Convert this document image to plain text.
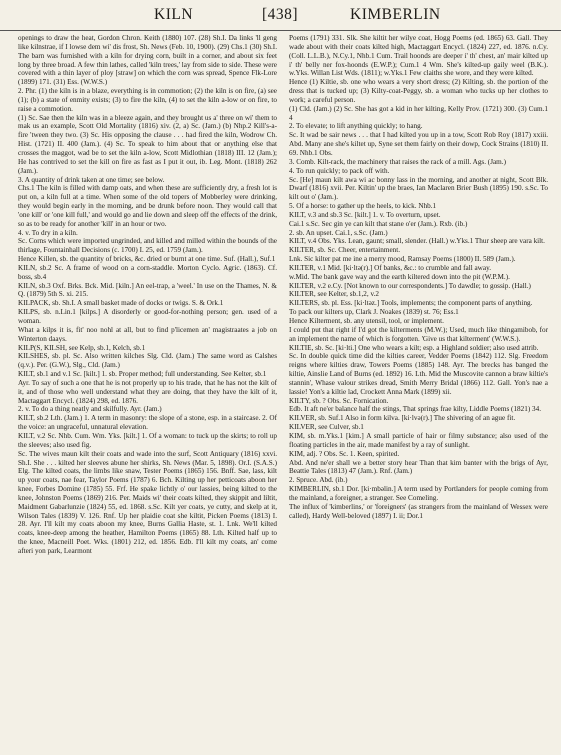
KILN	[438]	KIMBERLIN

openings to draw the heat, Gordon Chron. Keith (1880) 107. (28) Sh.I. Da links 'll geng like kilnstrae, if I lowse dem wi' dis frost, Sh. News (Feb. 10, 1900). (29) Chs.1 (30) Sh.I. The barn was furnished with a kiln for drying corn, built in a corner, and about six feet long by three broad. A few thin lathes, called 'kiln trees,' lay from side to side. These were covered with a thin layer of ploy [straw] on which the corn was spread, Spence Flk-Lore (1899) 171. (31) Ess. (W.W.S.)

2. Phr. (1) the kiln is in a blaze, everything is in commotion; (2) the kiln is on fire, (a) see (1); (b) a state of enmity exists; (3) to fire the kiln, (4) to set the kiln a-low or on fire, to raise a commotion.

(1) Sc. Sae then the kiln was in a bleeze again, and they brought us a' three on wi' them to mak us an example, Scott Old Mortality (1816) xiv. (2, a) Sc. (Jam.) (b) Nhp.2 Kill's-a-fire 'tween they two. (3) Sc. His opposing the clause . . . had fired the kiln, Wodrow Ch. Hist. (1721) II. 400 (Jam.). (4) Sc. To speak to him about that or anything else that crosses the maggot, wad be to set the kiln a-low, Scott Midlothian (1818) III. 12 (Jam.); He has contrived to set the kill on fire as fast as I put it out, ib. Leg. Mont. (1818) 262 (Jam.).

3. A quantity of drink taken at one time; see below.

Chs.1 The kiln is filled with damp oats, and when these are sufficiently dry, a fresh lot is put on, a kiln full at a time. When some of the old topers of Mobberley were drinking, they would begin early in the morning, and be drunk before noon. They would call that 'one kill' or 'one kill full,' and would go and lie down and sleep off the effects of the drink, so as to be ready for another 'kill' in an hour or two.

4. v. To dry in a kiln.

Sc. Corns which were imported ungrinded, and killed and milled within the bounds of the thirlage, Fountainhall Decisions (c. 1700) I. 25, ed. 1759 (Jam.).

Hence Killen, sb. the quantity of bricks, &c. dried or burnt at one time. Suf. (Hall.), Suf.1

KILN, sb.2 Sc. A frame of wood on a corn-staddle. Morton Cyclo. Agric. (1863). Cf. boss, sb.4

KILN, sb.3 Oxf. Brks. Bck. Mid. [kiln.] An eel-trap, a 'weel.' In use on the Thames, N. & Q. (1879) 5th S. xi. 215.

KILPACK, sb. Sh.I. A small basket made of docks or twigs. S. & Ork.1

KILPS, sb. n.Lin.1 [kilps.] A disorderly or good-for-nothing person; gen. used of a woman.

What a kilps it is, fit' noo nohl at all, but to find p'licemen an' magistraates a job on Winterton daays.

KILP(S, KILSH, see Kelp, sb.1, Kelch, sb.1

KILSHES, sb. pl. Sc. Also written kilches Slg. Cld. (Jam.) The same word as Calshes (q.v.). Per. (G.W.), Slg., Cld. (Jam.)

KILT, sb.1 and v.1 Sc. [kilt.] 1. sb. Proper method; full understanding. See Kelter, sb.1

Ayr. To say of such a one that he is not properly up to his trade, that he has not the kilt of it, and of those who well understand what they are doing, that they have the kilt of it, Mactaggart Encycl. (1824) 298, ed. 1876.

2. v. To do a thing neatly and skilfully. Ayr. (Jam.)

KILT, sb.2 Lth. (Jam.) 1. A term in masonry: the slope of a stone, esp. in a staircase. 2. Of the voice: an ungraceful, unnatural elevation.

KILT, v.2 Sc. Nhb. Cum. Wm. Yks. [kilt.] 1. Of a woman: to tuck up the skirts; to roll up the sleeves; also used fig.

Sc. The wives maun kilt their coats and wade into the surf, Scott Antiquary (1816) xxvi. Sh.I. She . . . kilted her sleeves abune her shirks, Sh. News (Mar. 5, 1898). Or.I. (S.A.S.) Elg. The kilted coats, the limbs like snaw, Tester Poems (1865) 156. Bnff. Sae, lass, kilt up your coats, nae fear, Taylor Poems (1787) 6. Bch. Kilting up her petticoats aboon her knee, Forbes Domine (1785) 55. Frf. He spake lichtly o' our lassies, being kilted to the knee, Johnston Poems (1869) 216. Per. Maids wi' their coats kilted, they skippit and liltit, Maidment Gabarlunzie (1824) 55, ed. 1868. s.Sc. Kilt yer coats, ye cutty, and skelp at it, Wilson Tales (1839) V. 126. Rnf. Up her plaidie coat she kiltit, Picken Poems (1813) I. 28. Ayr. I'll kilt my coats aboon my knee, Burns Gallia Haste, st. 1. Lnk. We'll kilted coats, knee-deep among the heather, Hamilton Poems (1865) 88. Lth. Kilted half up to the knee, Macneill Poet. Wks. (1801) 212, ed. 1856. Edb. I'll kilt my coats, an' come afteri yon park, Learmont

Poems (1791) 331. Slk. She kiltit her wilye coat, Hogg Poems (ed. 1865) 63. Gall. They wade about with their coats kilted high, Mactaggart Encycl. (1824) 227, ed. 1876. n.Cy. (Coll. L.L.B.), N.Cy.1, Nhb.1 Cum. Trail hoonds are deeper i' th' chest, an' mair kilted up i' th' belly ner fox-hoonds (E.W.P.); Cum.1 4 Wm. She's kilted-up gaily weel (B.K.). w.Yks. Willan List Wds. (1811); w.Yks.1 Few claiths she wore, and they were kilted.

Hence (1) Kiltie, sb. one who wears a very short dress; (2) Kilting, sb. the portion of the dress that is tucked up; (3) Kilty-coat-Peggy, sb. a woman who tucks up her clothes to work; a careful person.

(1) Cld. (Jam.) (2) Sc. She has got a kid in her kilting, Kelly Prov. (1721) 300. (3) Cum.1 4

2. To elevate; to lift anything quickly; to hang.

Sc. It wad be sair news . . . that I had kilted you up in a tow, Scott Rob Roy (1817) xxiii. Abd. Many ane she's kiltet up, Syne set them fairly on their dowp, Cock Strains (1810) II. 69. Nhb.1 Obs.

3. Comb. Kilt-rack, the machinery that raises the rack of a mill. Ags. (Jam.)

4. To run quickly; to pack off with.

Sc. [He] maun kilt awa wi ac bonny lass in the morning, and another at night, Scott Blk. Dwarf (1816) xvii. Per. Kiltin' up the braes, Ian Maclaren Brier Bush (1895) 190. s.Sc. To kilt out o' (Jam.).

5. Of a horse: to gather up the heels, to kick. Nhb.1

KILT, v.3 and sb.3 Sc. [kilt.] 1. v. To overturn, upset.

Cai.1 s.Sc. Sec gin ye can kilt that stane o'er (Jam.). Rxb. (ib.)

2. sb. An upset. Cai.1, s.Sc. (Jam.)

KILT, v.4 Obs. Yks. Lean, gaunt; small, slender. (Hall.) w.Yks.1 Thur sheep are vara kilt.

KILTER, sb. Sc. Cheer, entertainment.

Lnk. Sic kilter pat me ine a merry mood, Ramsay Poems (1800) II. 589 (Jam.).

KILTER, v.1 Mid. [ki·ltə(r).] Of banks, &c.: to crumble and fall away.

w.Mid. The bank gave way and the earth kiltered down into the pit (W.P.M.).

KILTER, v.2 e.Cy. [Not known to our correspondents.] To dawdle; to gossip. (Hall.)

KILTER, see Kelter, sb.1,2, v.2

KILTERS, sb. pl. Ess. [ki·ltəz.] Tools, implements; the component parts of anything.

To pack our kilters up, Clark J. Noakes (1839) st. 76; Ess.1

Hence Kilterment, sb. any utensil, tool, or implement.

I could put that right if I'd got the kilterments (M.W.); Used, much like thingamibob, for an implement the name of which is forgotten. 'Give us that kilterment' (W.W.S.).

KILTIE, sb. Sc. [ki·lti.] One who wears a kilt; esp. a Highland soldier; also used attrib.

Sc. In double quick time did the kilties career, Vedder Poems (1842) 112. Slg. Freedom reigns where kilties draw, Towers Poems (1885) 148. Ayr. The brecks has banged the kiltie, Ainslie Land of Burns (ed. 1892) 16. Lth. Mid the Muscovite cannon a braw kiltie's stannin', Whase valour strikes dread, Smith Merry Bridal (1866) 112. Gall. Yon's nae a lassie! Yon's a kiltie lad, Crockett Anna Mark (1899) xii.

KILTY, sb. ? Obs. Sc. Fornication.

Edb. It aft ne'er balance half the stings, That springs frae kilty, Liddle Poems (1821) 34.

KILVER, sb. Suf.1 Also in form kilva. [ki·lvə(r).] The shivering of an ague fit.

KILVER, see Culver, sb.1

KIM, sb. m.Yks.1 [kim.] A small particle of hair or filmy substance; also used of the floating particles in the air, made manifest by a ray of sunlight.

KIM, adj. ? Obs. Sc. 1. Keen, spirited.

Abd. And ne'er shall we a better story hear Than that kim banter with the brigs of Ayr, Beattie Tales (1813) 47 (Jam.). Rnf. (Jam.)

2. Spruce. Abd. (ib.)

KIMBERLIN, sb.1 Dor. [ki·mbəlin.] A term used by Portlanders for people coming from the mainland, a foreigner, a stranger. See Comeling.

The influx of 'kimberlins,' or 'foreigners' (as strangers from the mainland of Wessex were called), Hardy Well-beloved (1897) I. ii; Dor.1
